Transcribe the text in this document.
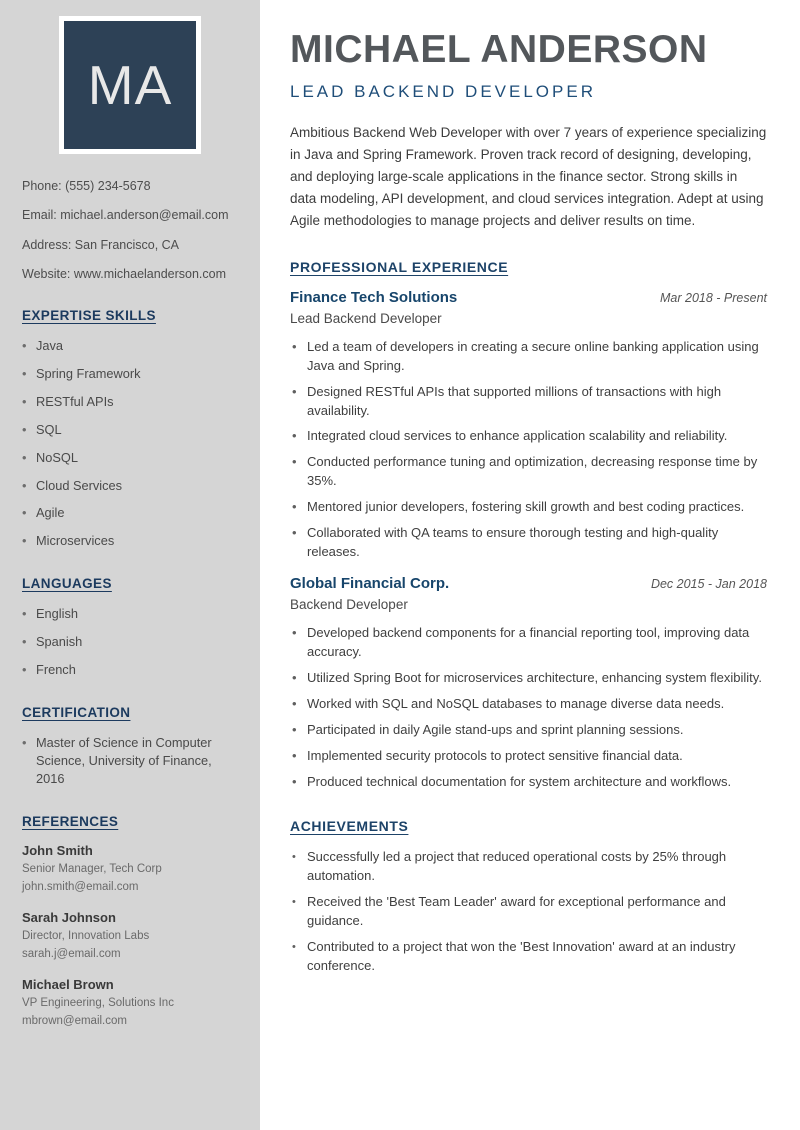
MA

Phone: (555) 234-5678

Email: michael.anderson@email.com

Address: San Francisco, CA

Website: www.michaelanderson.com

EXPERTISE SKILLS
• Java
• Spring Framework
• RESTful APIs
• SQL
• NoSQL
• Cloud Services
• Agile
• Microservices
LANGUAGES
• English
• Spanish
• French
CERTIFICATION
• Master of Science in Computer Science, University of Finance, 2016
REFERENCES
John Smith
Senior Manager, Tech Corp
john.smith@email.com
Sarah Johnson
Director, Innovation Labs
sarah.j@email.com
Michael Brown
VP Engineering, Solutions Inc
mbrown@email.com
MICHAEL ANDERSON
LEAD BACKEND DEVELOPER

Ambitious Backend Web Developer with over 7 years of experience specializing in Java and Spring Framework. Proven track record of designing, developing, and deploying large-scale applications in the finance sector. Strong skills in data modeling, API development, and cloud services integration. Adept at using Agile methodologies to manage projects and deliver results on time.

PROFESSIONAL EXPERIENCE
Finance Tech Solutions	Mar 2018 - Present
Lead Backend Developer
• Led a team of developers in creating a secure online banking application using Java and Spring.
• Designed RESTful APIs that supported millions of transactions with high availability.
• Integrated cloud services to enhance application scalability and reliability.
• Conducted performance tuning and optimization, decreasing response time by 35%.
• Mentored junior developers, fostering skill growth and best coding practices.
• Collaborated with QA teams to ensure thorough testing and high-quality releases.
Global Financial Corp.	Dec 2015 - Jan 2018
Backend Developer
• Developed backend components for a financial reporting tool, improving data accuracy.
• Utilized Spring Boot for microservices architecture, enhancing system flexibility.
• Worked with SQL and NoSQL databases to manage diverse data needs.
• Participated in daily Agile stand-ups and sprint planning sessions.
• Implemented security protocols to protect sensitive financial data.
• Produced technical documentation for system architecture and workflows.
ACHIEVEMENTS
• Successfully led a project that reduced operational costs by 25% through automation.
• Received the 'Best Team Leader' award for exceptional performance and guidance.
• Contributed to a project that won the 'Best Innovation' award at an industry conference.
